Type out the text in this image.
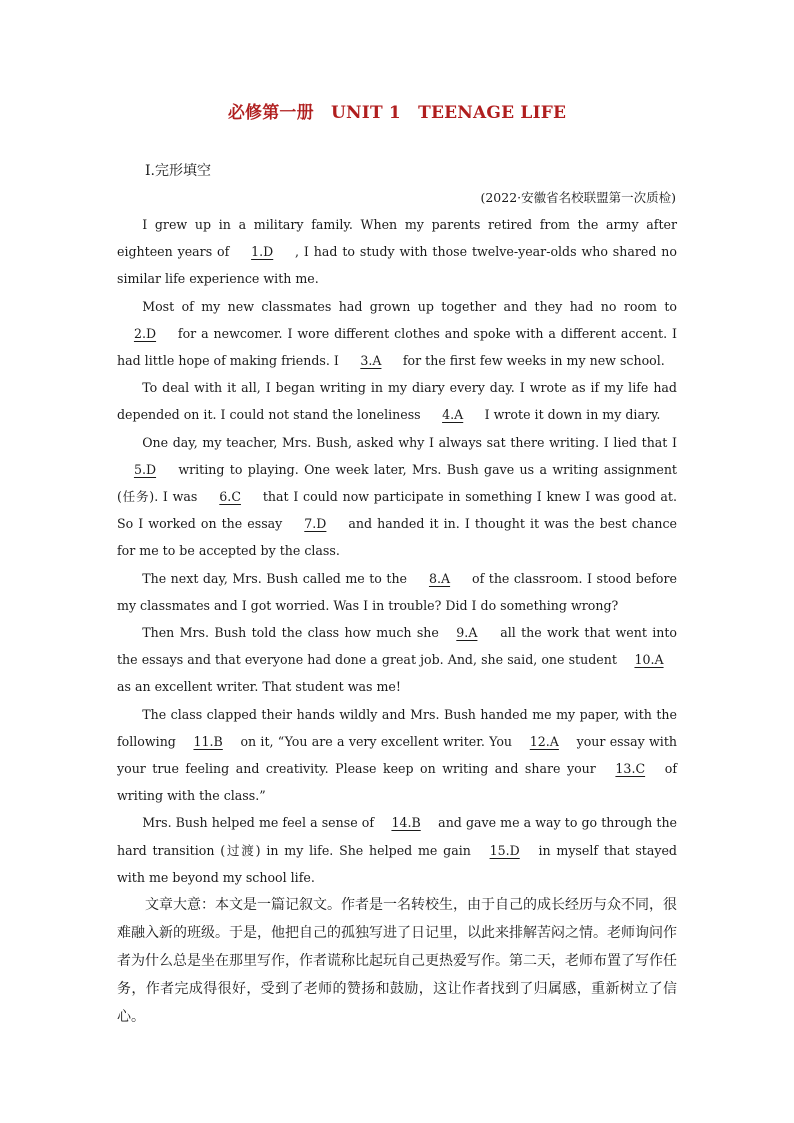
必修第一册　UNIT 1　TEENAGE LIFE
Ⅰ.完形填空
(2022·安徽省名校联盟第一次质检)

I grew up in a military family. When my parents retired from the army after eighteen years of 1.D , I had to study with those twelve-year-olds who shared no similar life experience with me.

Most of my new classmates had grown up together and they had no room to 2.D for a newcomer. I wore different clothes and spoke with a different accent. I had little hope of making friends. I 3.A for the first few weeks in my new school.

To deal with it all, I began writing in my diary every day. I wrote as if my life had depended on it. I could not stand the loneliness 4.A I wrote it down in my diary.

One day, my teacher, Mrs. Bush, asked why I always sat there writing. I lied that I 5.D writing to playing. One week later, Mrs. Bush gave us a writing assignment (任务). I was 6.C that I could now participate in something I knew I was good at. So I worked on the essay 7.D and handed it in. I thought it was the best chance for me to be accepted by the class.

The next day, Mrs. Bush called me to the 8.A of the classroom. I stood before my classmates and I got worried. Was I in trouble? Did I do something wrong?

Then Mrs. Bush told the class how much she 9.A all the work that went into the essays and that everyone had done a great job. And, she said, one student 10.A as an excellent writer. That student was me!

The class clapped their hands wildly and Mrs. Bush handed me my paper, with the following 11.B on it, “You are a very excellent writer. You 12.A your essay with your true feeling and creativity. Please keep on writing and share your 13.C of writing with the class.”

Mrs. Bush helped me feel a sense of 14.B and gave me a way to go through the hard transition (过渡) in my life. She helped me gain 15.D in myself that stayed with me beyond my school life.

文章大意：本文是一篇记叙文。作者是一名转校生，由于自己的成长经历与众不同，很难融入新的班级。于是，他把自己的孤独写进了日记里，以此来排解苦闷之情。老师询问作者为什么总是坐在那里写作，作者谎称比起玩自己更热爱写作。第二天，老师布置了写作任务，作者完成得很好，受到了老师的赞扬和鼓励，这让作者找到了归属感，重新树立了信心。
